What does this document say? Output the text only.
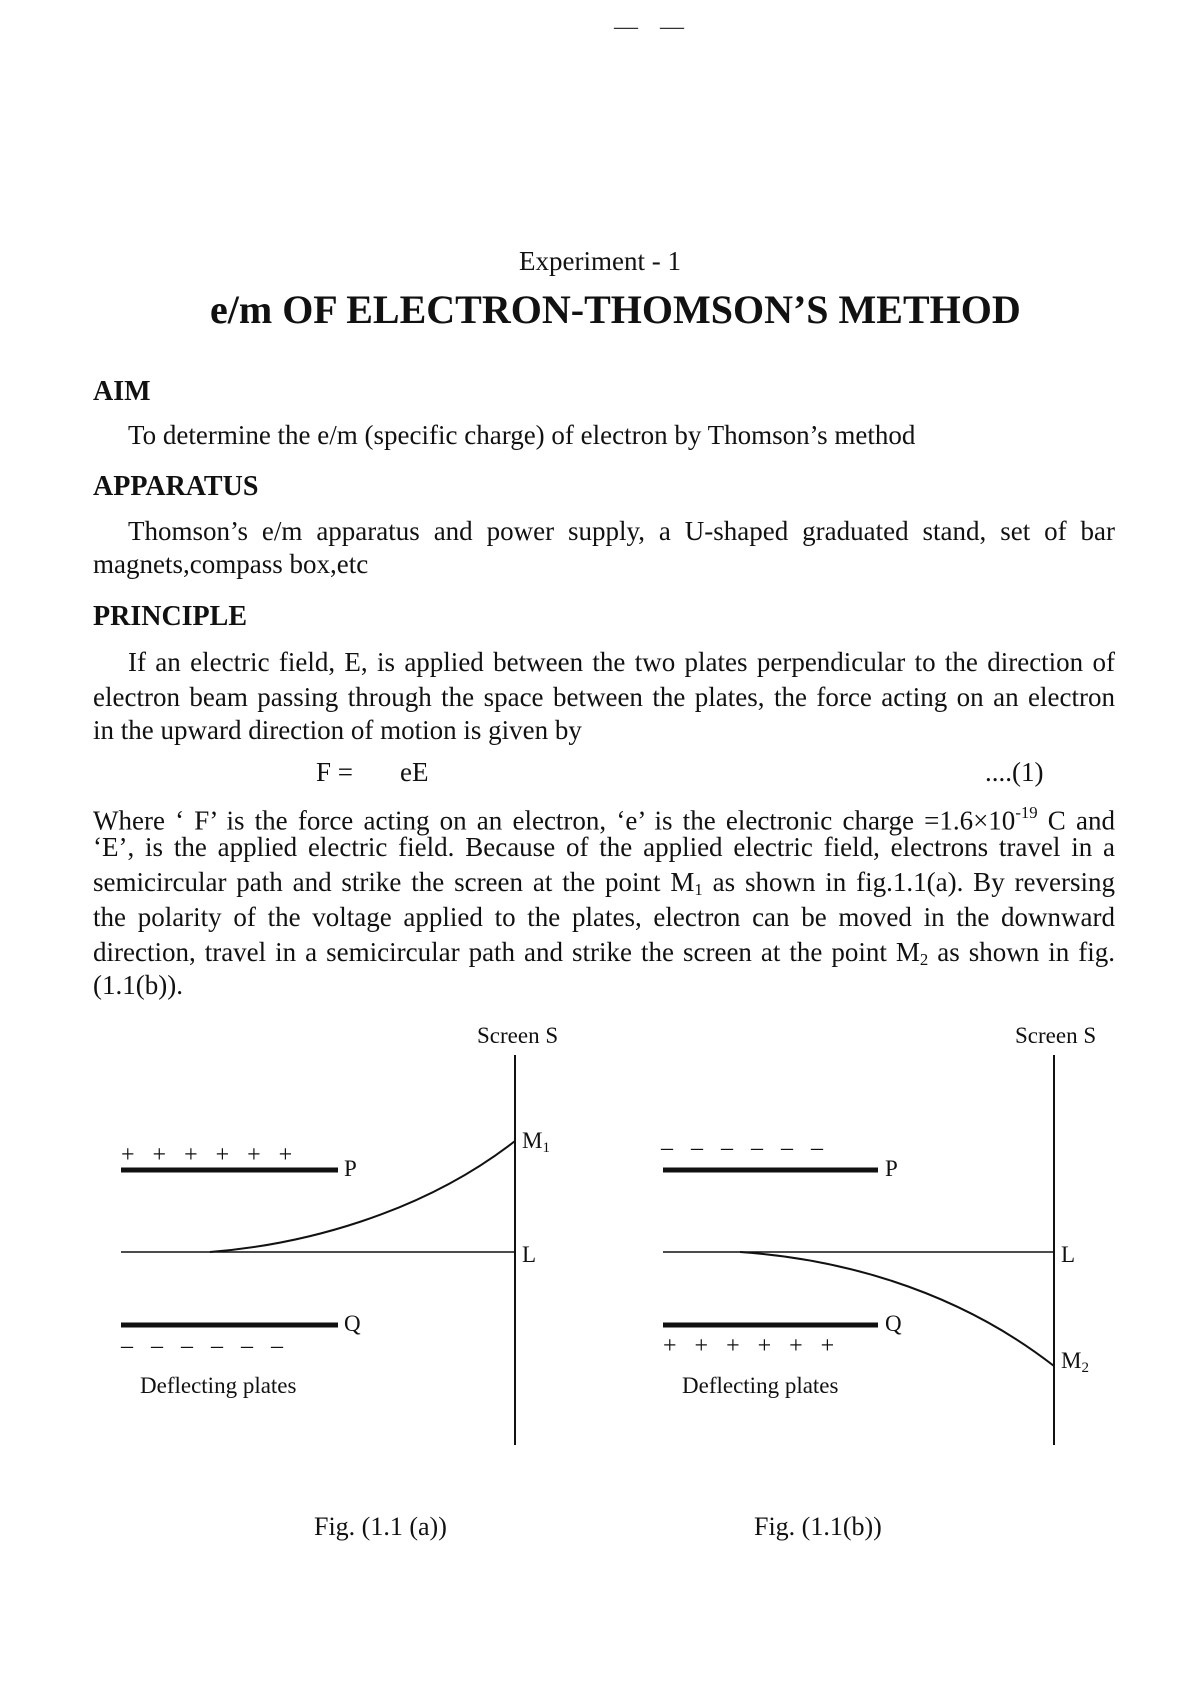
— —
Experiment - 1
e/m OF ELECTRON-THOMSON’S METHOD
AIM
To determine the e/m (specific charge) of electron by Thomson’s method
APPARATUS
Thomson’s e/m apparatus and power supply, a U-shaped graduated stand, set of bar
magnets,compass box,etc
PRINCIPLE
If an electric field, E, is applied between the two plates perpendicular to the direction of
electron beam passing through the space between the plates, the force acting on an electron
in the upward direction of motion is given by
F = eE	....(1)
Where ‘ F’ is the force acting on an electron, ‘e’ is the electronic charge $=1.6\times 10^{-19}$ C and
‘E’, is the applied electric field. Because of the applied electric field, electrons travel in a
semicircular path and strike the screen at the point $M_1$ as shown in fig.1.1(a). By reversing
the polarity of the voltage applied to the plates, electron can be moved in the downward
direction, travel in a semicircular path and strike the screen at the point $M_2$ as shown in fig.
(1.1(b)).
Screen S
+ + + + + +
P
M1
L
Q
– – – – – –
Deflecting plates
Fig. (1.1 (a))
Screen S
– – – – – –
P
L
Q
+ + + + + +
M2
Deflecting plates
Fig. (1.1(b))
